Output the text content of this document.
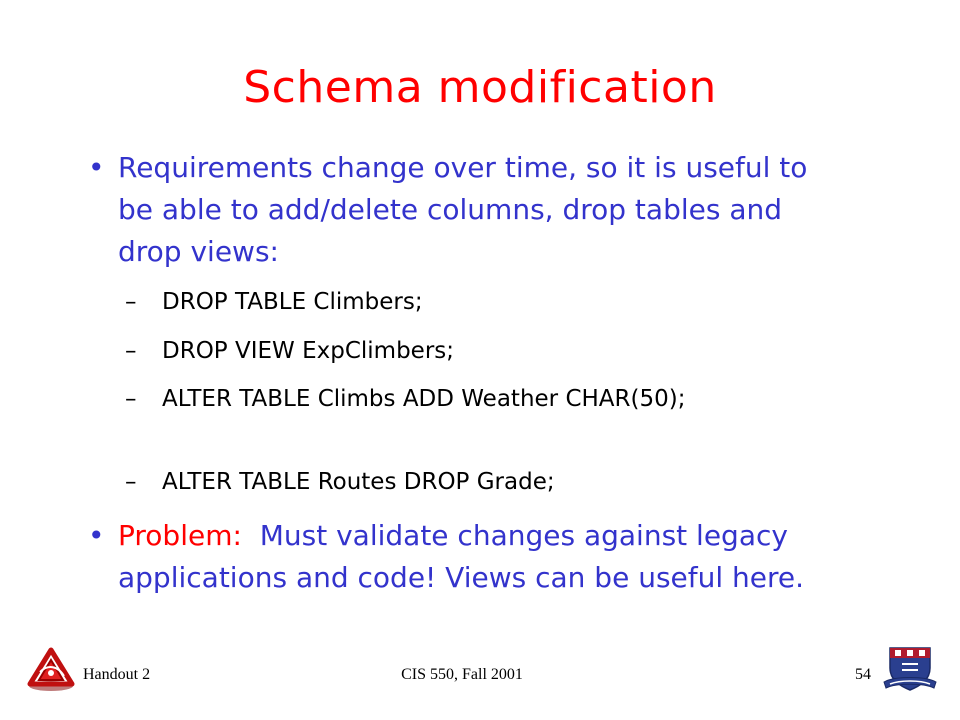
Schema modification
• Requirements change over time, so it is useful to be able to add/delete columns, drop tables and drop views:
–	DROP TABLE Climbers;
–	DROP VIEW ExpClimbers;
–	ALTER TABLE Climbs ADD Weather CHAR(50);
–	ALTER TABLE Routes DROP Grade;
• Problem: Must validate changes against legacy applications and code! Views can be useful here.
Handout 2	CIS 550, Fall 2001	54
